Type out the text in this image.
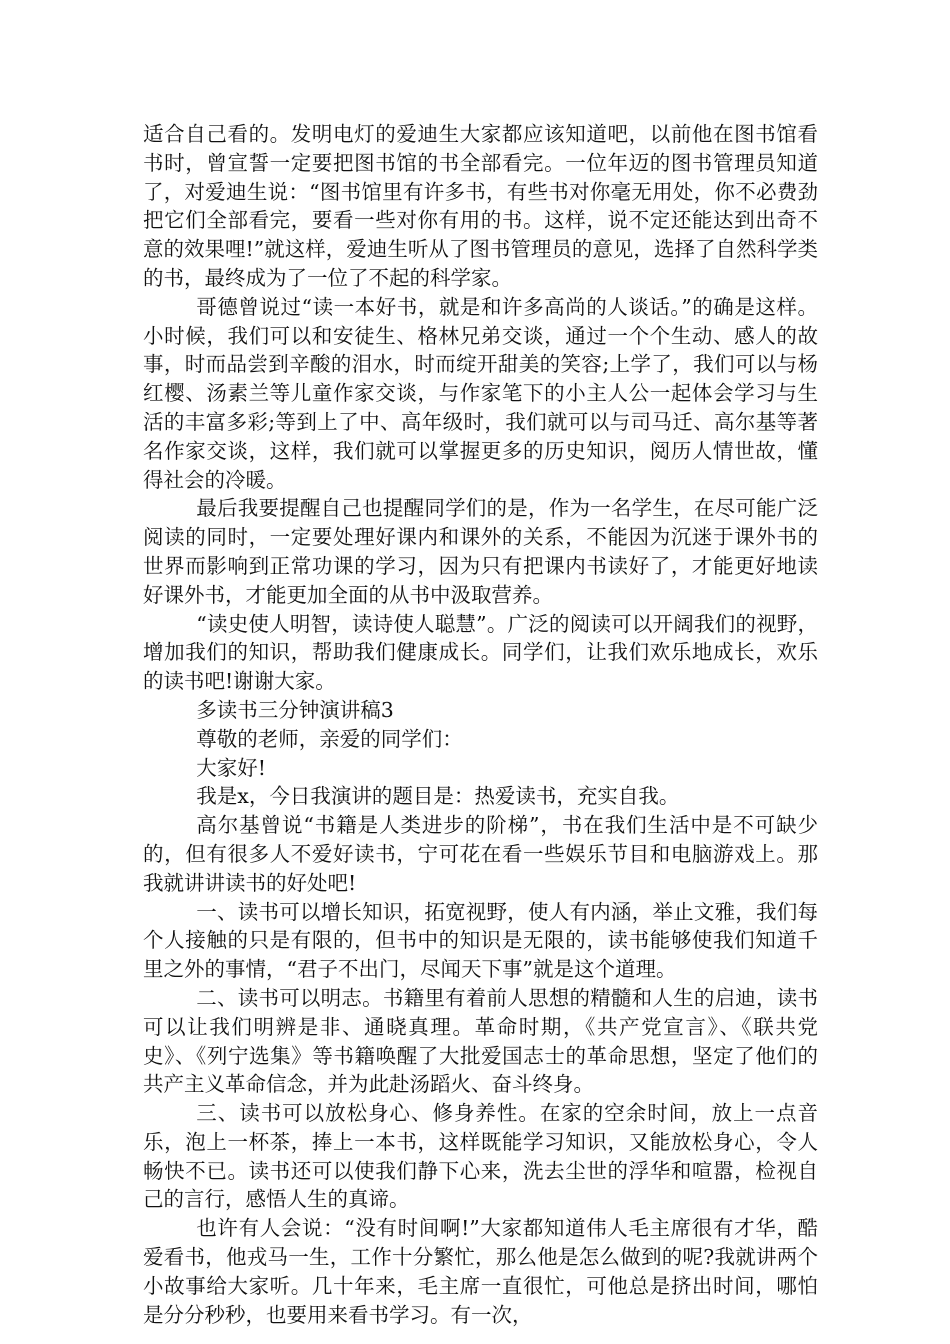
适合自己看的。发明电灯的爱迪生大家都应该知道吧，以前他在图书馆看书时，曾宣誓一定要把图书馆的书全部看完。一位年迈的图书管理员知道了，对爱迪生说：“图书馆里有许多书，有些书对你毫无用处，你不必费劲把它们全部看完，要看一些对你有用的书。这样，说不定还能达到出奇不意的效果哩!”就这样，爱迪生听从了图书管理员的意见，选择了自然科学类的书，最终成为了一位了不起的科学家。

哥德曾说过“读一本好书，就是和许多高尚的人谈话。”的确是这样。小时候，我们可以和安徒生、格林兄弟交谈，通过一个个生动、感人的故事，时而品尝到辛酸的泪水，时而绽开甜美的笑容;上学了，我们可以与杨红樱、汤素兰等儿童作家交谈，与作家笔下的小主人公一起体会学习与生活的丰富多彩;等到上了中、高年级时，我们就可以与司马迁、高尔基等著名作家交谈，这样，我们就可以掌握更多的历史知识，阅历人情世故，懂得社会的冷暖。

最后我要提醒自己也提醒同学们的是，作为一名学生，在尽可能广泛阅读的同时，一定要处理好课内和课外的关系，不能因为沉迷于课外书的世界而影响到正常功课的学习，因为只有把课内书读好了，才能更好地读好课外书，才能更加全面的从书中汲取营养。

“读史使人明智，读诗使人聪慧”。广泛的阅读可以开阔我们的视野，增加我们的知识，帮助我们健康成长。同学们，让我们欢乐地成长，欢乐的读书吧!谢谢大家。

多读书三分钟演讲稿3

尊敬的老师，亲爱的同学们：

大家好!

我是x，今日我演讲的题目是：热爱读书，充实自我。

高尔基曾说“书籍是人类进步的阶梯”，书在我们生活中是不可缺少的，但有很多人不爱好读书，宁可花在看一些娱乐节目和电脑游戏上。那我就讲讲读书的好处吧!

一、读书可以增长知识，拓宽视野，使人有内涵，举止文雅，我们每个人接触的只是有限的，但书中的知识是无限的，读书能够使我们知道千里之外的事情，“君子不出门，尽闻天下事”就是这个道理。

二、读书可以明志。书籍里有着前人思想的精髓和人生的启迪，读书可以让我们明辨是非、通晓真理。革命时期，《共产党宣言》、《联共党史》、《列宁选集》等书籍唤醒了大批爱国志士的革命思想，坚定了他们的共产主义革命信念，并为此赴汤蹈火、奋斗终身。

三、读书可以放松身心、修身养性。在家的空余时间，放上一点音乐，泡上一杯茶，捧上一本书，这样既能学习知识，又能放松身心，令人畅快不已。读书还可以使我们静下心来，洗去尘世的浮华和喧嚣，检视自己的言行，感悟人生的真谛。

也许有人会说：“没有时间啊!”大家都知道伟人毛主席很有才华，酷爱看书，他戎马一生，工作十分繁忙，那么他是怎么做到的呢?我就讲两个小故事给大家听。几十年来，毛主席一直很忙，可他总是挤出时间，哪怕是分分秒秒，也要用来看书学习。有一次，
